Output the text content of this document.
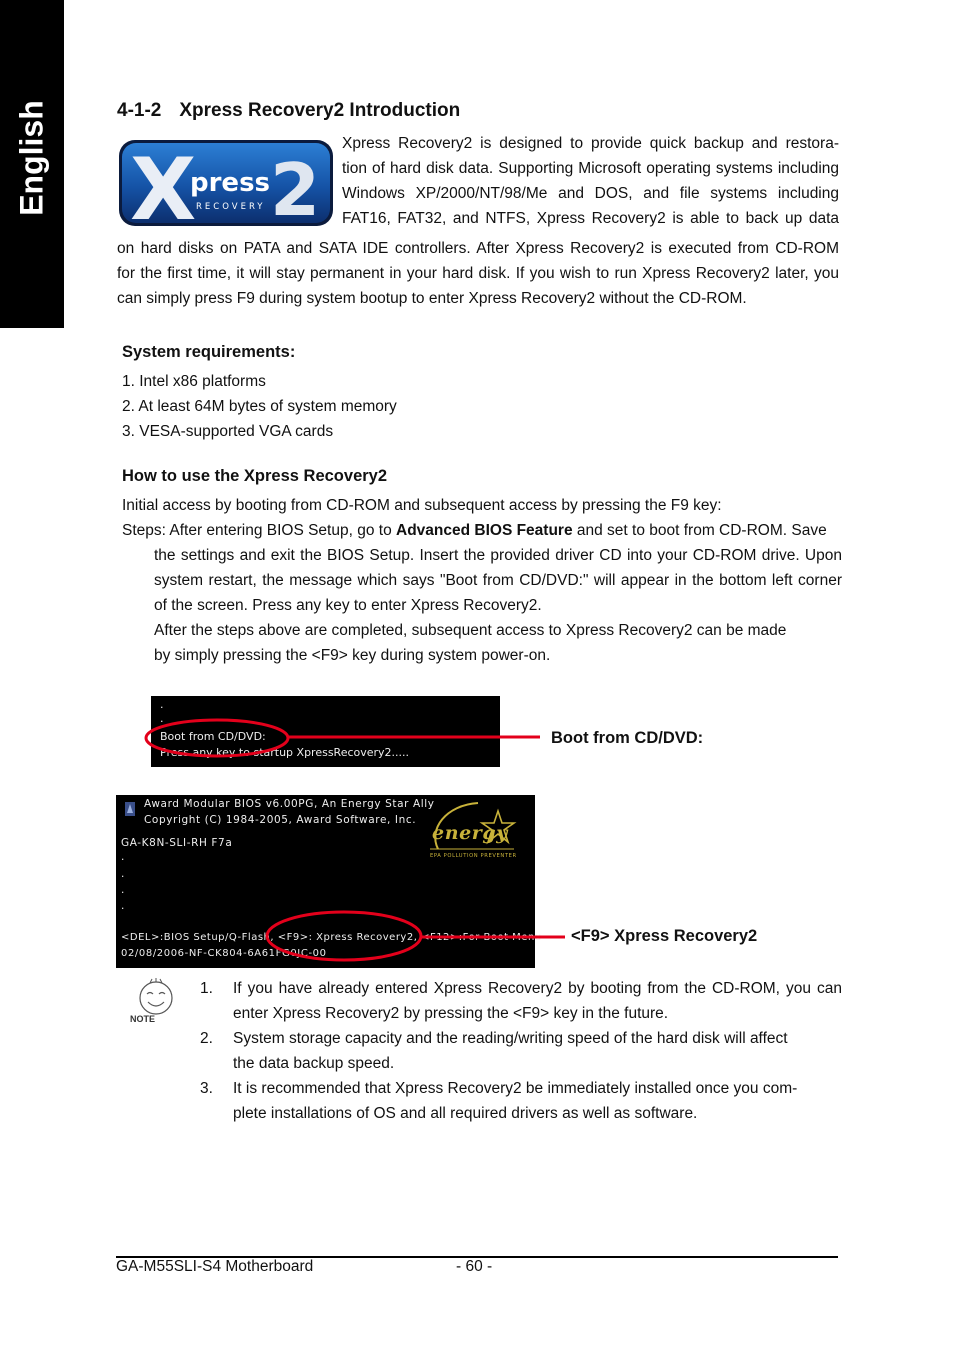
English	4-1-2 Xpress Recovery2 Introduction
X
press
RECOVERY 2
Xpress Recovery2 is designed to provide quick backup and restora-
tion of hard disk data. Supporting Microsoft operating systems including
Windows XP/2000/NT/98/Me and DOS, and file systems including
FAT16, FAT32, and NTFS, Xpress Recovery2 is able to back up data
on hard disks on PATA and SATA IDE controllers. After Xpress Recovery2 is executed from CD-ROM
for the first time, it will stay permanent in your hard disk. If you wish to run Xpress Recovery2 later, you
can simply press F9 during system bootup to enter Xpress Recovery2 without the CD-ROM.
System requirements:
1. Intel x86 platforms
2. At least 64M bytes of system memory
3. VESA-supported VGA cards
How to use the Xpress Recovery2
Initial access by booting from CD-ROM and subsequent access by pressing the F9 key:
Steps: After entering BIOS Setup, go to Advanced BIOS Feature and set to boot from CD-ROM. Save
the settings and exit the BIOS Setup. Insert the provided driver CD into your CD-ROM drive. Upon
system restart, the message which says "Boot from CD/DVD:" will appear in the bottom left corner
of the screen. Press any key to enter Xpress Recovery2.
After the steps above are completed, subsequent access to Xpress Recovery2 can be made
by simply pressing the <F9> key during system power-on.
.
.
Boot from CD/DVD:
Press any key to startup XpressRecovery2.....
Award Modular BIOS v6.00PG, An Energy Star Ally
Copyright (C) 1984-2005, Award Software, Inc.
GA-K8N-SLI-RH F7a
.
.
.
.
<DEL>:BIOS Setup/Q-Flash, <F9>: Xpress Recovery2, <F12>:For Boot Menu
02/08/2006-NF-CK804-6A61FG0JC-00
energy
EPA POLLUTION PREVENTER
Boot from CD/DVD:
<F9> Xpress Recovery2
NOTE
1. If you have already entered Xpress Recovery2 by booting from the CD-ROM, you can
enter Xpress Recovery2 by pressing the <F9> key in the future.
2. System storage capacity and the reading/writing speed of the hard disk will affect
the data backup speed.
3. It is recommended that Xpress Recovery2 be immediately installed once you com-
plete installations of OS and all required drivers as well as software.
GA-M55SLI-S4 Motherboard	- 60 -
